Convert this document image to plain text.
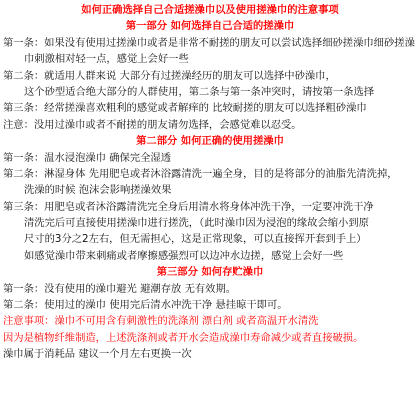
如何正确选择自己合适搓澡巾以及使用搓澡巾的注意事项
第一部分 如何选择自己合适的搓澡巾
第一条：如果没有使用过搓澡巾或者是非常不耐搓的朋友可以尝试选择细砂搓澡巾细砂搓澡
巾刺激相对轻一点，感觉上会好一些
第二条：就适用人群来说 大部分有过搓澡经历的朋友可以选择中砂澡巾，
这个砂型适合绝大部分的人群使用，第二条与第一条冲突时，请按第一条选择
第三条：经常搓澡喜欢粗利的感觉或者解痒的 比较耐搓的朋友可以选择粗砂澡巾
注意：没用过澡巾或者不耐搓的朋友请勿选择，会感觉难以忍受。
第二部分 如何正确的使用搓澡巾
第一条：温水浸泡澡巾 确保完全湿透
第二条：淋湿身体 先用肥皂或者沐浴露清洗一遍全身，目的是将部分的油脂先清洗掉，
洗澡的时候 泡沫会影响搓澡效果
第三条：用肥皂或者沐浴露清洗完全身后用清水将身体冲洗干净，一定要冲洗干净
清洗完后可直接使用搓澡巾进行搓洗，（此时澡巾因为浸泡的缘故会缩小到原
尺寸的3分之2左右，但无需担心，这是正常现象，可以直接挥开套到手上）
如感觉澡巾带来刺痛或者摩擦感强烈可以边冲水边搓，感觉上会好一些
第三部分 如何存贮澡巾
第一条：没有使用的澡巾避光 避潮存放 无有效期。
第二条：使用过的澡巾 使用完后清水冲洗干净 悬挂晾干即可。
注意事项：澡巾不可用含有刺激性的洗涤剂 漂白剂 或者高温开水清洗
因为是植物纤维制造，上述洗涤剂或者开水会造成澡巾寿命减少或者直接破损。
澡巾属于消耗品 建议一个月左右更换一次
